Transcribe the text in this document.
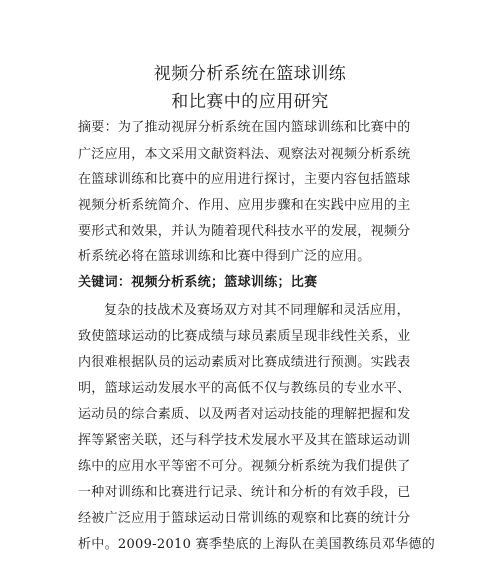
视频分析系统在篮球训练
和比赛中的应用研究
摘要：为了推动视屏分析系统在国内篮球训练和比赛中的
广泛应用，本文采用文献资料法、观察法对视频分析系统
在篮球训练和比赛中的应用进行探讨，主要内容包括篮球
视频分析系统简介、作用、应用步骤和在实践中应用的主
要形式和效果，并认为随着现代科技水平的发展，视频分
析系统必将在篮球训练和比赛中得到广泛的应用。
关键词：视频分析系统；篮球训练；比赛
复杂的技战术及赛场双方对其不同理解和灵活应用，
致使篮球运动的比赛成绩与球员素质呈现非线性关系，业
内很难根据队员的运动素质对比赛成绩进行预测。实践表
明，篮球运动发展水平的高低不仅与教练员的专业水平、
运动员的综合素质、以及两者对运动技能的理解把握和发
挥等紧密关联，还与科学技术发展水平及其在篮球运动训
练中的应用水平等密不可分。视频分析系统为我们提供了
一种对训练和比赛进行记录、统计和分析的有效手段，已
经被广泛应用于篮球运动日常训练的观察和比赛的统计分
析中。2009-2010 赛季垫底的上海队在美国教练员邓华德的
